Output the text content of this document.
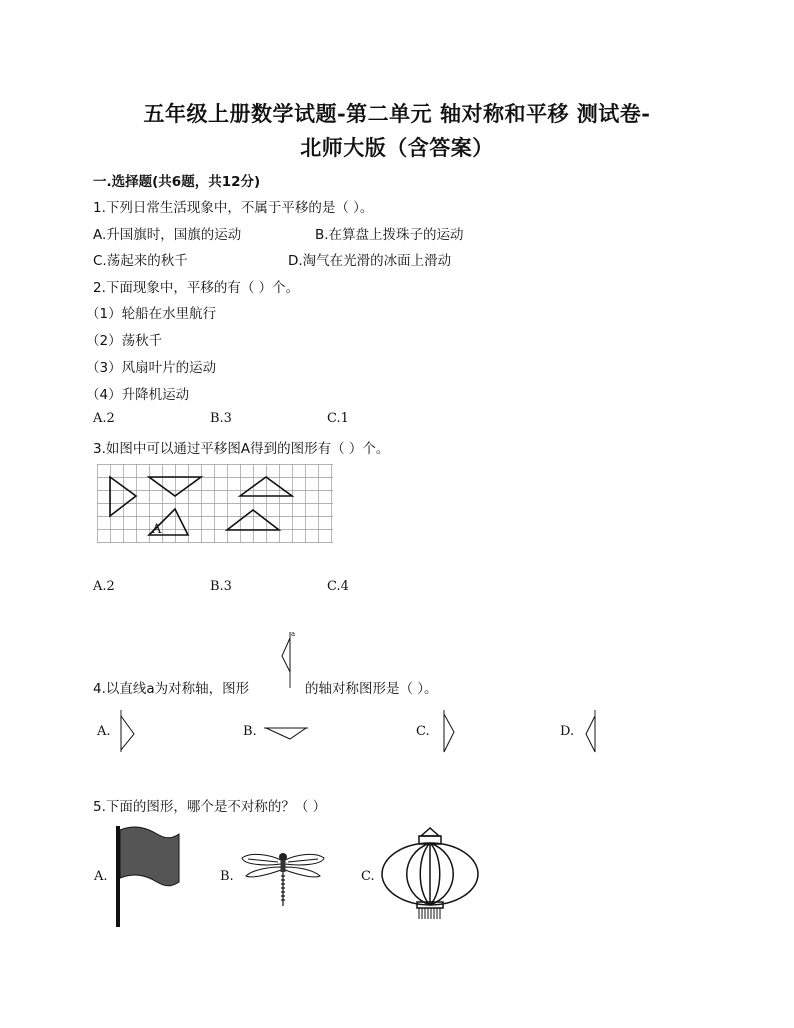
五年级上册数学试题-第二单元 轴对称和平移 测试卷-
北师大版（含答案）
一.选择题(共6题，共12分)
1.下列日常生活现象中，不属于平移的是（ ）。
A.升国旗时，国旗的运动	B.在算盘上拨珠子的运动
C.荡起来的秋千	D.淘气在光滑的冰面上滑动
2.下面现象中，平移的有（ ）个。
（1）轮船在水里航行
（2）荡秋千
（3）风扇叶片的运动
（4）升降机运动
A.2	B.3	C.1
3.如图中可以通过平移图A得到的图形有（ ）个。
A
A.2	B.3	C.4
a
4.以直线a为对称轴，图形	的轴对称图形是（ ）。
A.	B.	C.	D.
5.下面的图形，哪个是不对称的？（ ）
A.	B.	C.
